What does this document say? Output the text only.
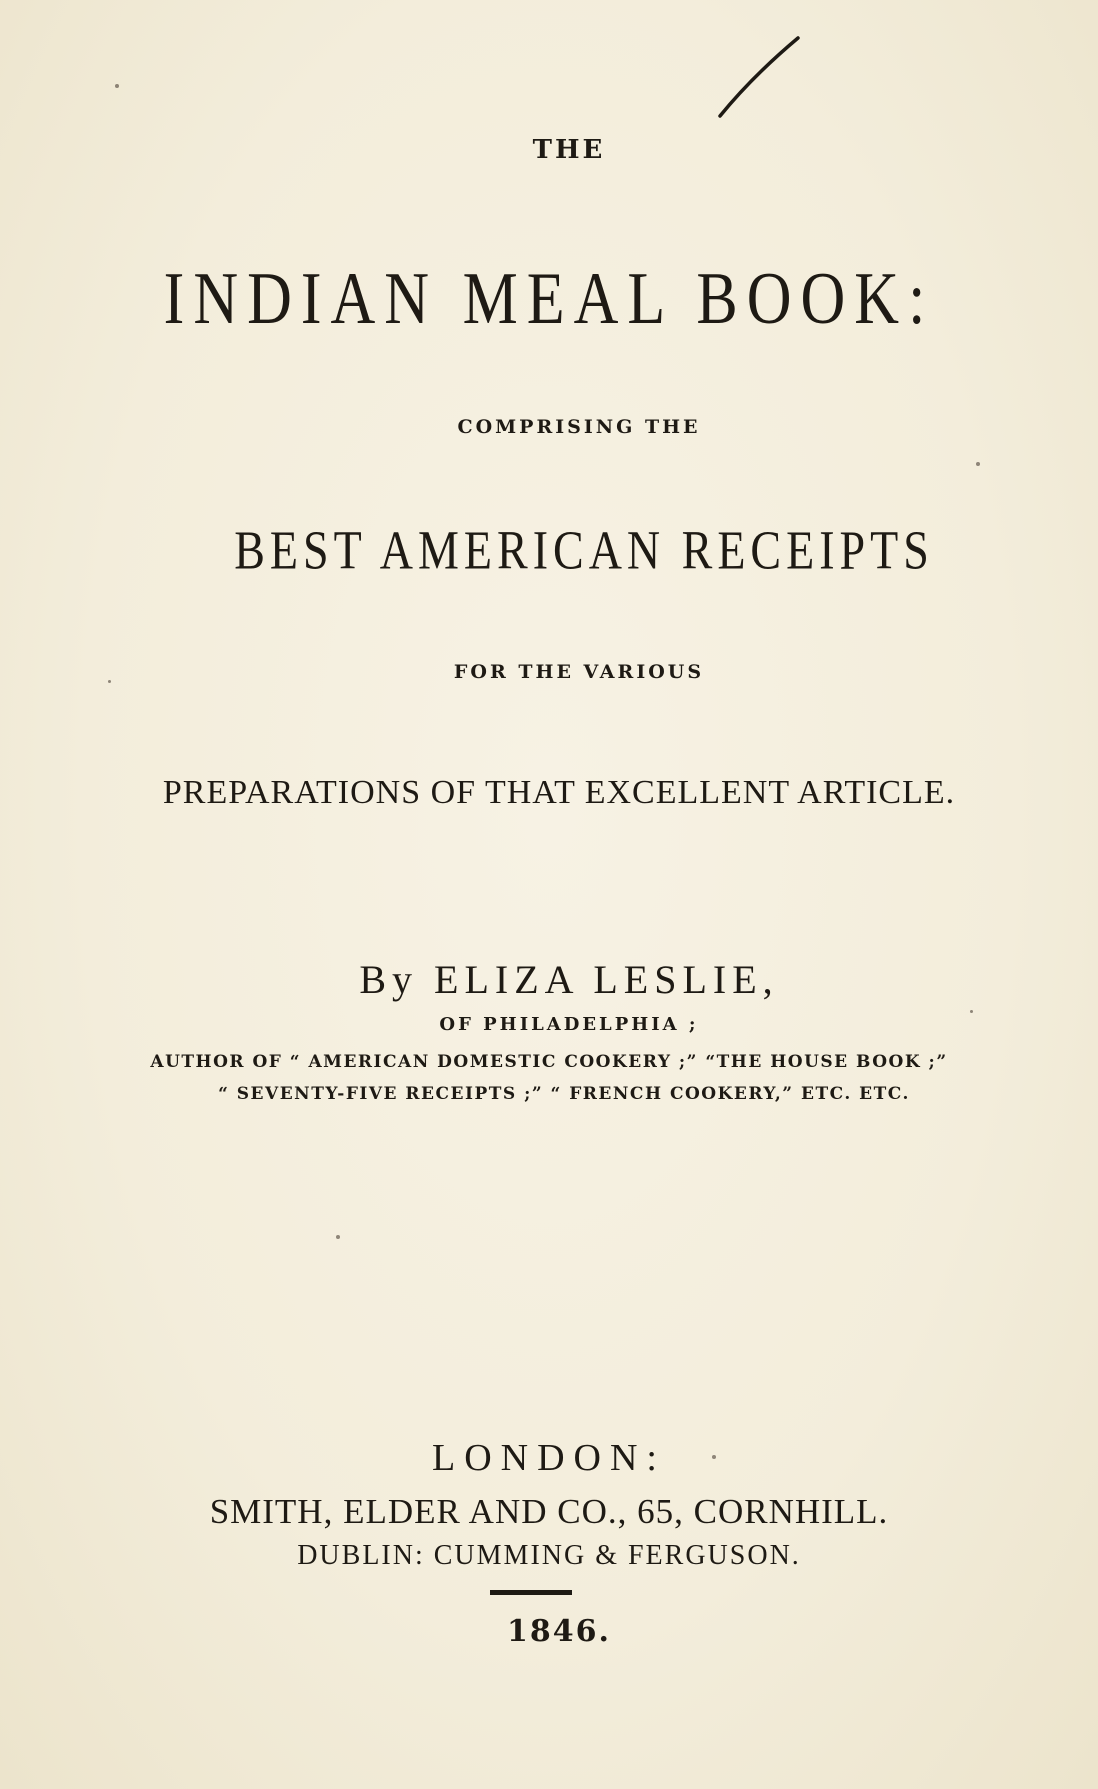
THE
INDIAN MEAL BOOK:
COMPRISING THE
BEST AMERICAN RECEIPTS
FOR THE VARIOUS
PREPARATIONS OF THAT EXCELLENT ARTICLE.
By ELIZA LESLIE,
OF PHILADELPHIA ;
AUTHOR OF “ AMERICAN DOMESTIC COOKERY ;” “THE HOUSE BOOK ;”
“ SEVENTY-FIVE RECEIPTS ;” “ FRENCH COOKERY,” ETC. ETC.
LONDON:
SMITH, ELDER AND CO., 65, CORNHILL.
DUBLIN: CUMMING & FERGUSON.
1846.
